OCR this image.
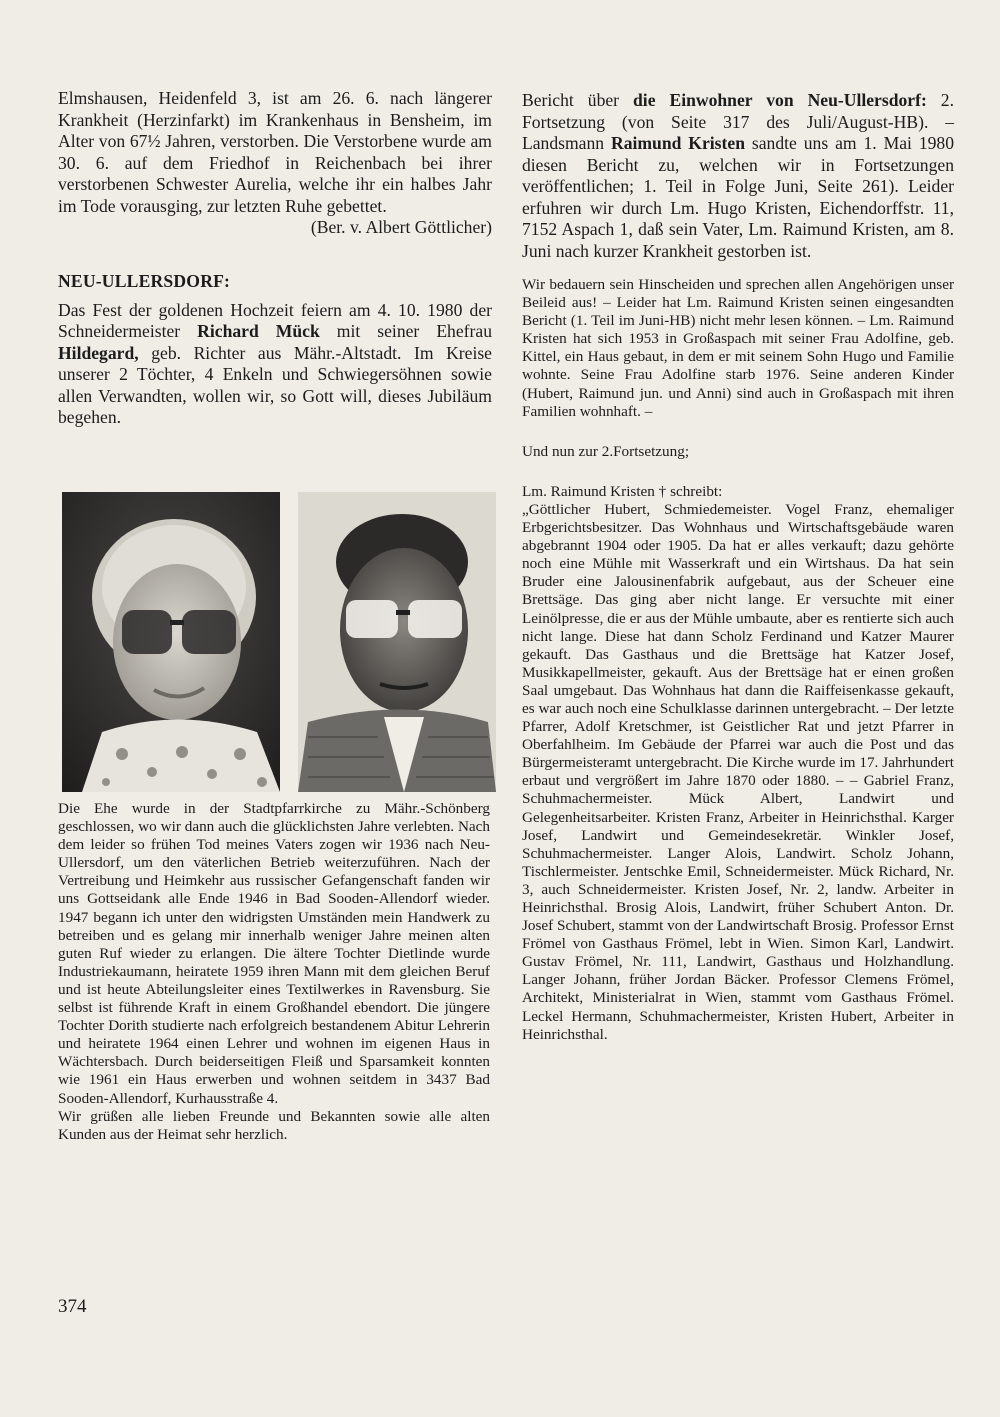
Elmshausen, Heidenfeld 3, ist am 26. 6. nach längerer Krankheit (Herzinfarkt) im Krankenhaus in Bensheim, im Alter von 67½ Jahren, verstorben. Die Verstorbene wurde am 30. 6. auf dem Friedhof in Reichenbach bei ihrer verstorbenen Schwester Aurelia, welche ihr ein halbes Jahr im Tode vorausging, zur letzten Ruhe gebettet.

(Ber. v. Albert Göttlicher)

NEU-ULLERSDORF:

Das Fest der goldenen Hochzeit feiern am 4. 10. 1980 der Schneidermeister Richard Mück mit seiner Ehefrau Hildegard, geb. Richter aus Mähr.-Altstadt. Im Kreise unserer 2 Töchter, 4 Enkeln und Schwiegersöhnen sowie allen Verwandten, wollen wir, so Gott will, dieses Jubiläum begehen.

Die Ehe wurde in der Stadtpfarrkirche zu Mähr.-Schönberg geschlossen, wo wir dann auch die glücklichsten Jahre verlebten. Nach dem leider so frühen Tod meines Vaters zogen wir 1936 nach Neu-Ullersdorf, um den väterlichen Betrieb weiterzuführen. Nach der Vertreibung und Heimkehr aus russischer Gefangenschaft fanden wir uns Gottseidank alle Ende 1946 in Bad Sooden-Allendorf wieder. 1947 begann ich unter den widrigsten Umständen mein Handwerk zu betreiben und es gelang mir innerhalb weniger Jahre meinen alten guten Ruf wieder zu erlangen. Die ältere Tochter Dietlinde wurde Industriekaumann, heiratete 1959 ihren Mann mit dem gleichen Beruf und ist heute Abteilungsleiter eines Textilwerkes in Ravensburg. Sie selbst ist führende Kraft in einem Großhandel ebendort. Die jüngere Tochter Dorith studierte nach erfolgreich bestandenem Abitur Lehrerin und heiratete 1964 einen Lehrer und wohnen im eigenen Haus in Wächtersbach. Durch beiderseitigen Fleiß und Sparsamkeit konnten wie 1961 ein Haus erwerben und wohnen seitdem in 3437 Bad Sooden-Allendorf, Kurhausstraße 4.

Wir grüßen alle lieben Freunde und Bekannten sowie alle alten Kunden aus der Heimat sehr herzlich.

Bericht über die Einwohner von Neu-Ullersdorf: 2. Fortsetzung (von Seite 317 des Juli/August-HB). – Landsmann Raimund Kristen sandte uns am 1. Mai 1980 diesen Bericht zu, welchen wir in Fortsetzungen veröffentlichen; 1. Teil in Folge Juni, Seite 261). Leider erfuhren wir durch Lm. Hugo Kristen, Eichendorffstr. 11, 7152 Aspach 1, daß sein Vater, Lm. Raimund Kristen, am 8. Juni nach kurzer Krankheit gestorben ist.

Wir bedauern sein Hinscheiden und sprechen allen Angehörigen unser Beileid aus! – Leider hat Lm. Raimund Kristen seinen eingesandten Bericht (1. Teil im Juni-HB) nicht mehr lesen können. – Lm. Raimund Kristen hat sich 1953 in Großaspach mit seiner Frau Adolfine, geb. Kittel, ein Haus gebaut, in dem er mit seinem Sohn Hugo und Familie wohnte. Seine Frau Adolfine starb 1976. Seine anderen Kinder (Hubert, Raimund jun. und Anni) sind auch in Großaspach mit ihren Familien wohnhaft. –

Und nun zur 2.Fortsetzung;

Lm. Raimund Kristen † schreibt:

„Göttlicher Hubert, Schmiedemeister. Vogel Franz, ehemaliger Erbgerichtsbesitzer. Das Wohnhaus und Wirtschaftsgebäude waren abgebrannt 1904 oder 1905. Da hat er alles verkauft; dazu gehörte noch eine Mühle mit Wasserkraft und ein Wirtshaus. Da hat sein Bruder eine Jalousinenfabrik aufgebaut, aus der Scheuer eine Brettsäge. Das ging aber nicht lange. Er versuchte mit einer Leinölpresse, die er aus der Mühle umbaute, aber es rentierte sich auch nicht lange. Diese hat dann Scholz Ferdinand und Katzer Maurer gekauft. Das Gasthaus und die Brettsäge hat Katzer Josef, Musikkapellmeister, gekauft. Aus der Brettsäge hat er einen großen Saal umgebaut. Das Wohnhaus hat dann die Raiffeisenkasse gekauft, es war auch noch eine Schulklasse darinnen untergebracht. – Der letzte Pfarrer, Adolf Kretschmer, ist Geistlicher Rat und jetzt Pfarrer in Oberfahlheim. Im Gebäude der Pfarrei war auch die Post und das Bürgermeisteramt untergebracht. Die Kirche wurde im 17. Jahrhundert erbaut und vergrößert im Jahre 1870 oder 1880. – – Gabriel Franz, Schuhmachermeister. Mück Albert, Landwirt und Gelegenheitsarbeiter. Kristen Franz, Arbeiter in Heinrichsthal. Karger Josef, Landwirt und Gemeindesekretär. Winkler Josef, Schuhmachermeister. Langer Alois, Landwirt. Scholz Johann, Tischlermeister. Jentschke Emil, Schneidermeister. Mück Richard, Nr. 3, auch Schneidermeister. Kristen Josef, Nr. 2, landw. Arbeiter in Heinrichsthal. Brosig Alois, Landwirt, früher Schubert Anton. Dr. Josef Schubert, stammt von der Landwirtschaft Brosig. Professor Ernst Frömel von Gasthaus Frömel, lebt in Wien. Simon Karl, Landwirt. Gustav Frömel, Nr. 111, Landwirt, Gasthaus und Holzhandlung. Langer Johann, früher Jordan Bäcker. Professor Clemens Frömel, Architekt, Ministerialrat in Wien, stammt vom Gasthaus Frömel. Leckel Hermann, Schuhmachermeister, Kristen Hubert, Arbeiter in Heinrichsthal.

374
